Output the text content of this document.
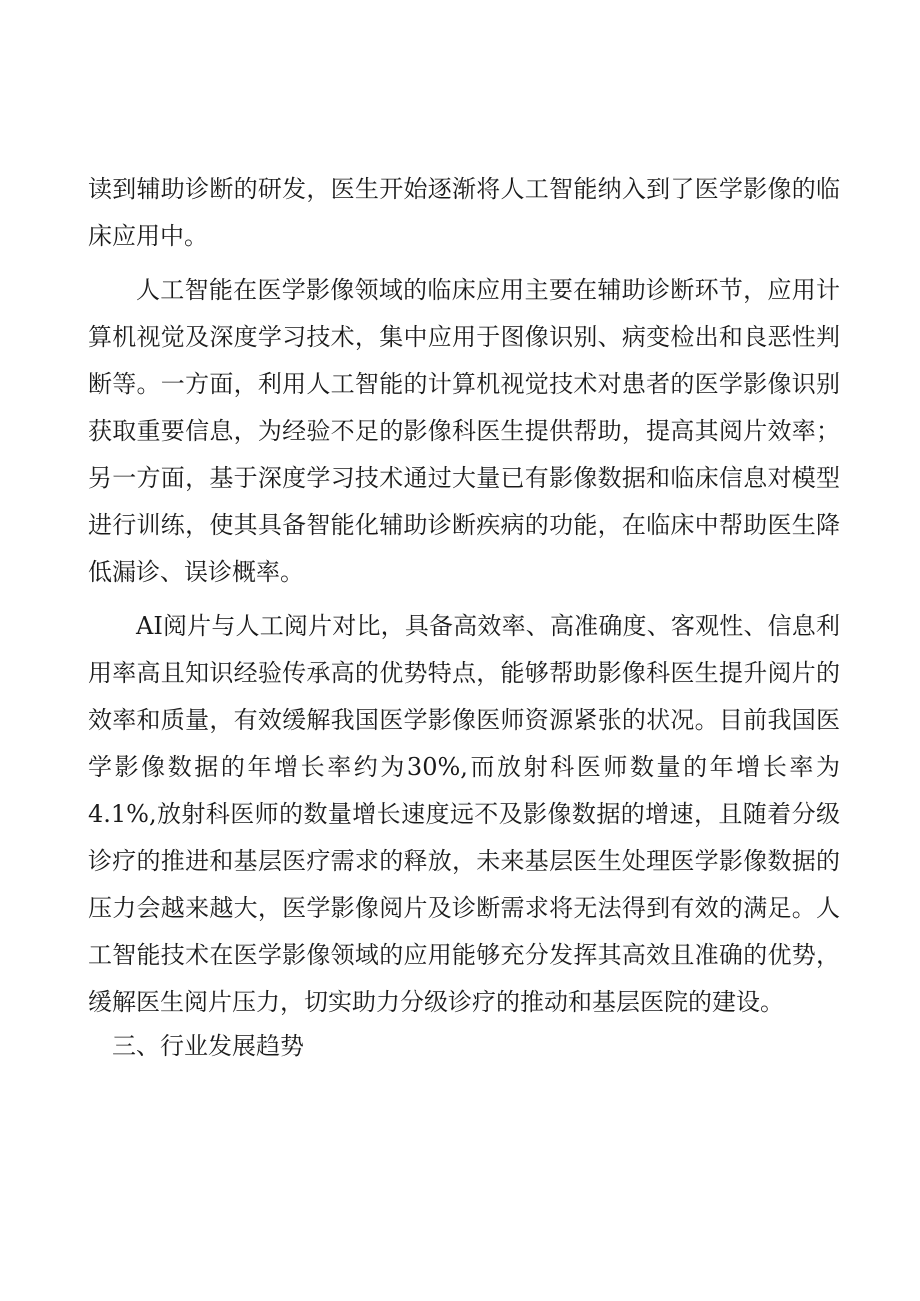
读到辅助诊断的研发，医生开始逐渐将人工智能纳入到了医学影像的临床应用中。

人工智能在医学影像领域的临床应用主要在辅助诊断环节，应用计算机视觉及深度学习技术，集中应用于图像识别、病变检出和良恶性判断等。一方面，利用人工智能的计算机视觉技术对患者的医学影像识别获取重要信息，为经验不足的影像科医生提供帮助，提高其阅片效率；另一方面，基于深度学习技术通过大量已有影像数据和临床信息对模型进行训练，使其具备智能化辅助诊断疾病的功能，在临床中帮助医生降低漏诊、误诊概率。

AI阅片与人工阅片对比，具备高效率、高准确度、客观性、信息利用率高且知识经验传承高的优势特点，能够帮助影像科医生提升阅片的效率和质量，有效缓解我国医学影像医师资源紧张的状况。目前我国医学影像数据的年增长率约为30%,而放射科医师数量的年增长率为4.1%,放射科医师的数量增长速度远不及影像数据的增速，且随着分级诊疗的推进和基层医疗需求的释放，未来基层医生处理医学影像数据的压力会越来越大，医学影像阅片及诊断需求将无法得到有效的满足。人工智能技术在医学影像领域的应用能够充分发挥其高效且准确的优势，缓解医生阅片压力，切实助力分级诊疗的推动和基层医院的建设。

三、行业发展趋势
